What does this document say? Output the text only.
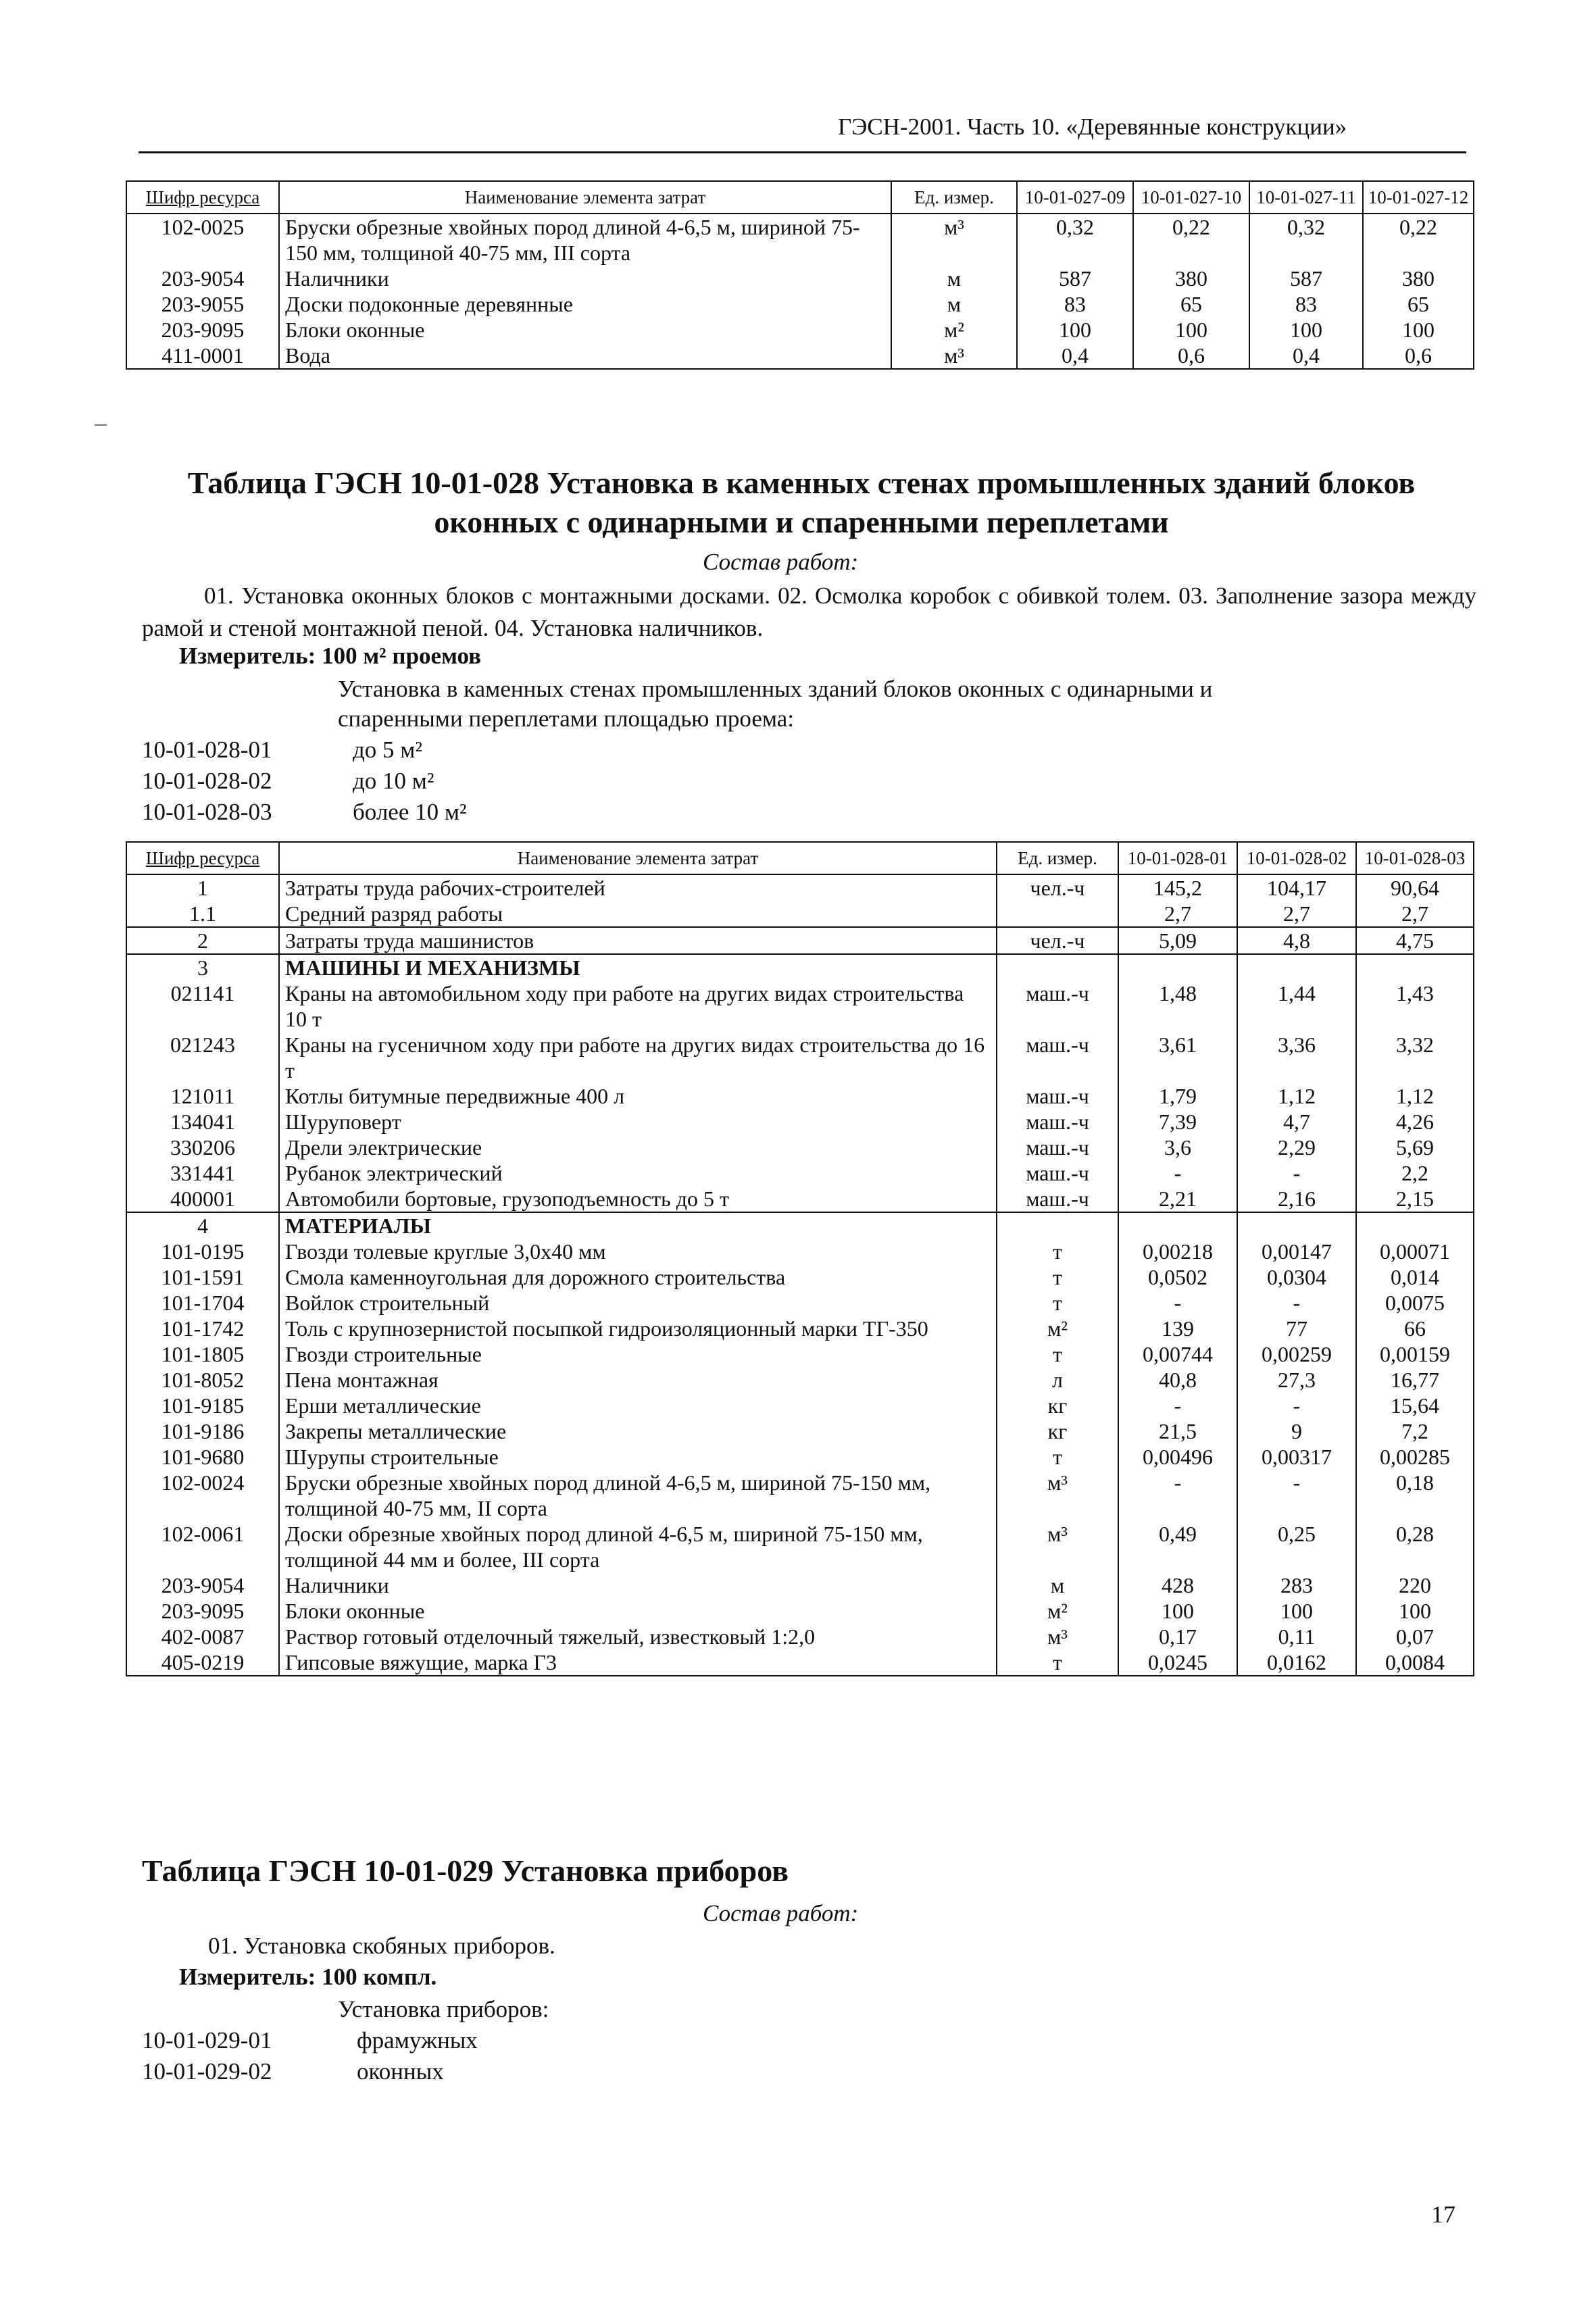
ГЭСН-2001. Часть 10. «Деревянные конструкции»
Шифр ресурса	Наименование элемента затрат	Ед. измер.	10-01-027-09	10-01-027-10	10-01-027-11	10-01-027-12
102-0025	Бруски обрезные хвойных пород длиной 4-6,5 м, шириной 75-150 мм, толщиной 40-75 мм, III сорта	м³	0,32	0,22	0,32	0,22
203-9054	Наличники	м	587	380	587	380
203-9055	Доски подоконные деревянные	м	83	65	83	65
203-9095	Блоки оконные	м²	100	100	100	100
411-0001	Вода	м³	0,4	0,6	0,4	0,6
Таблица ГЭСН 10-01-028 Установка в каменных стенах промышленных зданий блоков
оконных с одинарными и спаренными переплетами
Состав работ:
01. Установка оконных блоков с монтажными досками. 02. Осмолка коробок с обивкой толем. 03. Заполнение зазора между рамой и стеной монтажной пеной. 04. Установка наличников.
Измеритель: 100 м² проемов
Установка в каменных стенах промышленных зданий блоков оконных с одинарными и
спаренными переплетами площадью проема:
10-01-028-01	до 5 м²
10-01-028-02	до 10 м²
10-01-028-03	более 10 м²
Шифр ресурса	Наименование элемента затрат	Ед. измер.	10-01-028-01	10-01-028-02	10-01-028-03
1	Затраты труда рабочих-строителей	чел.-ч	145,2	104,17	90,64
1.1	Средний разряд работы		2,7	2,7	2,7
2	Затраты труда машинистов	чел.-ч	5,09	4,8	4,75
3	МАШИНЫ И МЕХАНИЗМЫ				
021141	Краны на автомобильном ходу при работе на других видах строительства 10 т	маш.-ч	1,48	1,44	1,43
021243	Краны на гусеничном ходу при работе на других видах строительства до 16 т	маш.-ч	3,61	3,36	3,32
121011	Котлы битумные передвижные 400 л	маш.-ч	1,79	1,12	1,12
134041	Шуруповерт	маш.-ч	7,39	4,7	4,26
330206	Дрели электрические	маш.-ч	3,6	2,29	5,69
331441	Рубанок электрический	маш.-ч	-	-	2,2
400001	Автомобили бортовые, грузоподъемность до 5 т	маш.-ч	2,21	2,16	2,15
4	МАТЕРИАЛЫ				
101-0195	Гвозди толевые круглые 3,0х40 мм	т	0,00218	0,00147	0,00071
101-1591	Смола каменноугольная для дорожного строительства	т	0,0502	0,0304	0,014
101-1704	Войлок строительный	т	-	-	0,0075
101-1742	Толь с крупнозернистой посыпкой гидроизоляционный марки ТГ-350	м²	139	77	66
101-1805	Гвозди строительные	т	0,00744	0,00259	0,00159
101-8052	Пена монтажная	л	40,8	27,3	16,77
101-9185	Ерши металлические	кг	-	-	15,64
101-9186	Закрепы металлические	кг	21,5	9	7,2
101-9680	Шурупы строительные	т	0,00496	0,00317	0,00285
102-0024	Бруски обрезные хвойных пород длиной 4-6,5 м, шириной 75-150 мм, толщиной 40-75 мм, II сорта	м³	-	-	0,18
102-0061	Доски обрезные хвойных пород длиной 4-6,5 м, шириной 75-150 мм, толщиной 44 мм и более, III сорта	м³	0,49	0,25	0,28
203-9054	Наличники	м	428	283	220
203-9095	Блоки оконные	м²	100	100	100
402-0087	Раствор готовый отделочный тяжелый, известковый 1:2,0	м³	0,17	0,11	0,07
405-0219	Гипсовые вяжущие, марка Г3	т	0,0245	0,0162	0,0084
Таблица ГЭСН 10-01-029 Установка приборов
Состав работ:
01. Установка скобяных приборов.
Измеритель: 100 компл.
Установка приборов:
10-01-029-01	фрамужных
10-01-029-02	оконных
17
